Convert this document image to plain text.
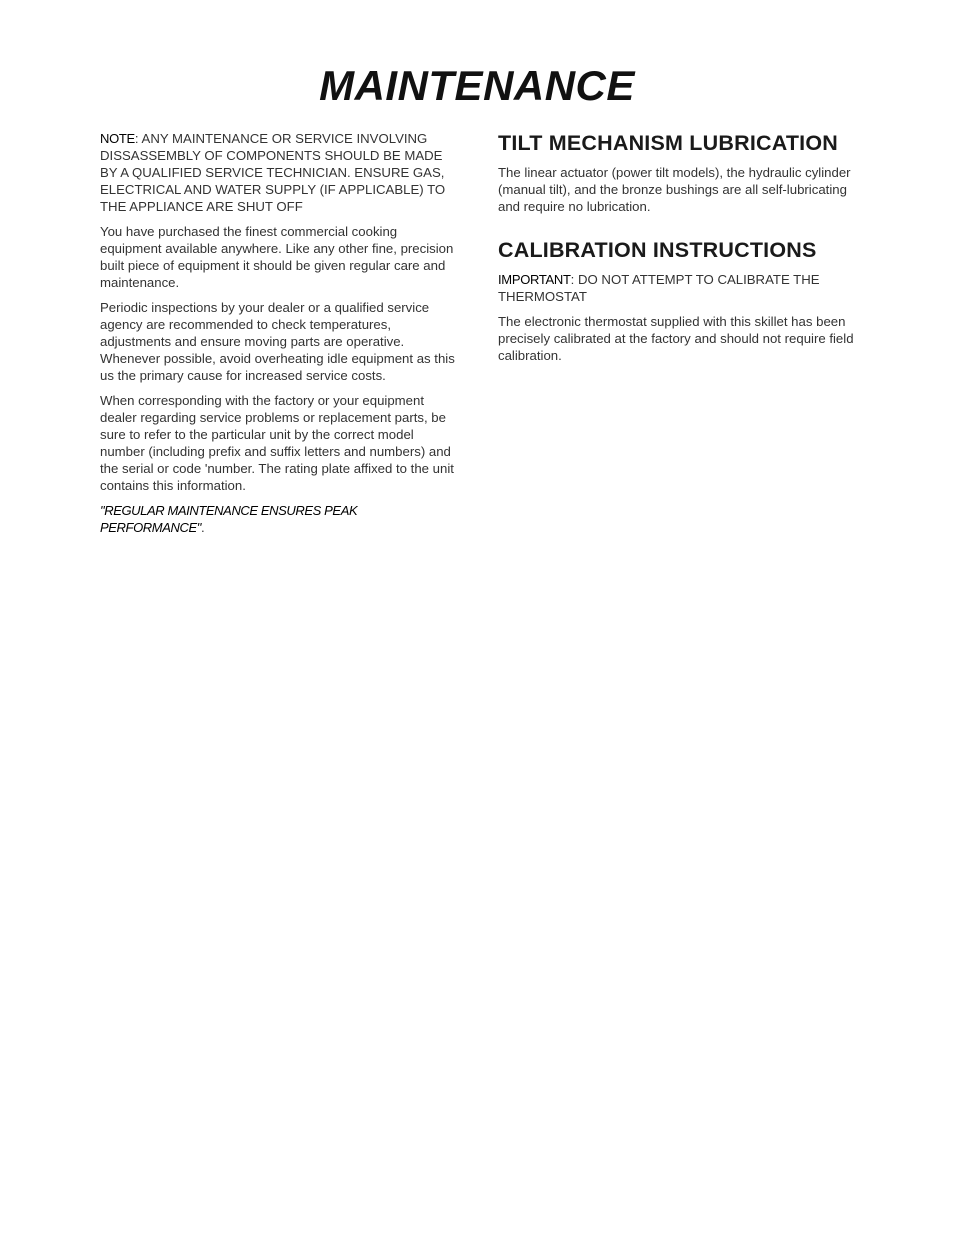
MAINTENANCE

NOTE: ANY MAINTENANCE OR SERVICE INVOLVING DISSASSEMBLY OF COMPONENTS SHOULD BE MADE BY A QUALIFIED SERVICE TECHNICIAN. ENSURE GAS, ELECTRICAL AND WATER SUPPLY (IF APPLICABLE) TO THE APPLIANCE ARE SHUT OFF

You have purchased the finest commercial cooking equipment available anywhere. Like any other fine, precision built piece of equipment it should be given regular care and maintenance.

Periodic inspections by your dealer or a qualified service agency are recommended to check temperatures, adjustments and ensure moving parts are operative. Whenever possible, avoid overheating idle equipment as this us the primary cause for increased service costs.

When corresponding with the factory or your equipment dealer regarding service problems or replacement parts, be sure to refer to the particular unit by the correct model number (including prefix and suffix letters and numbers) and the serial or code 'number. The rating plate affixed to the unit contains this information.

"REGULAR MAINTENANCE ENSURES PEAK PERFORMANCE".

TILT MECHANISM LUBRICATION

The linear actuator (power tilt models), the hydraulic cylinder (manual tilt), and the bronze bushings are all self-lubricating and require no lubrication.

CALIBRATION INSTRUCTIONS

IMPORTANT: DO NOT ATTEMPT TO CALIBRATE THE THERMOSTAT

The electronic thermostat supplied with this skillet has been precisely calibrated at the factory and should not require field calibration.
